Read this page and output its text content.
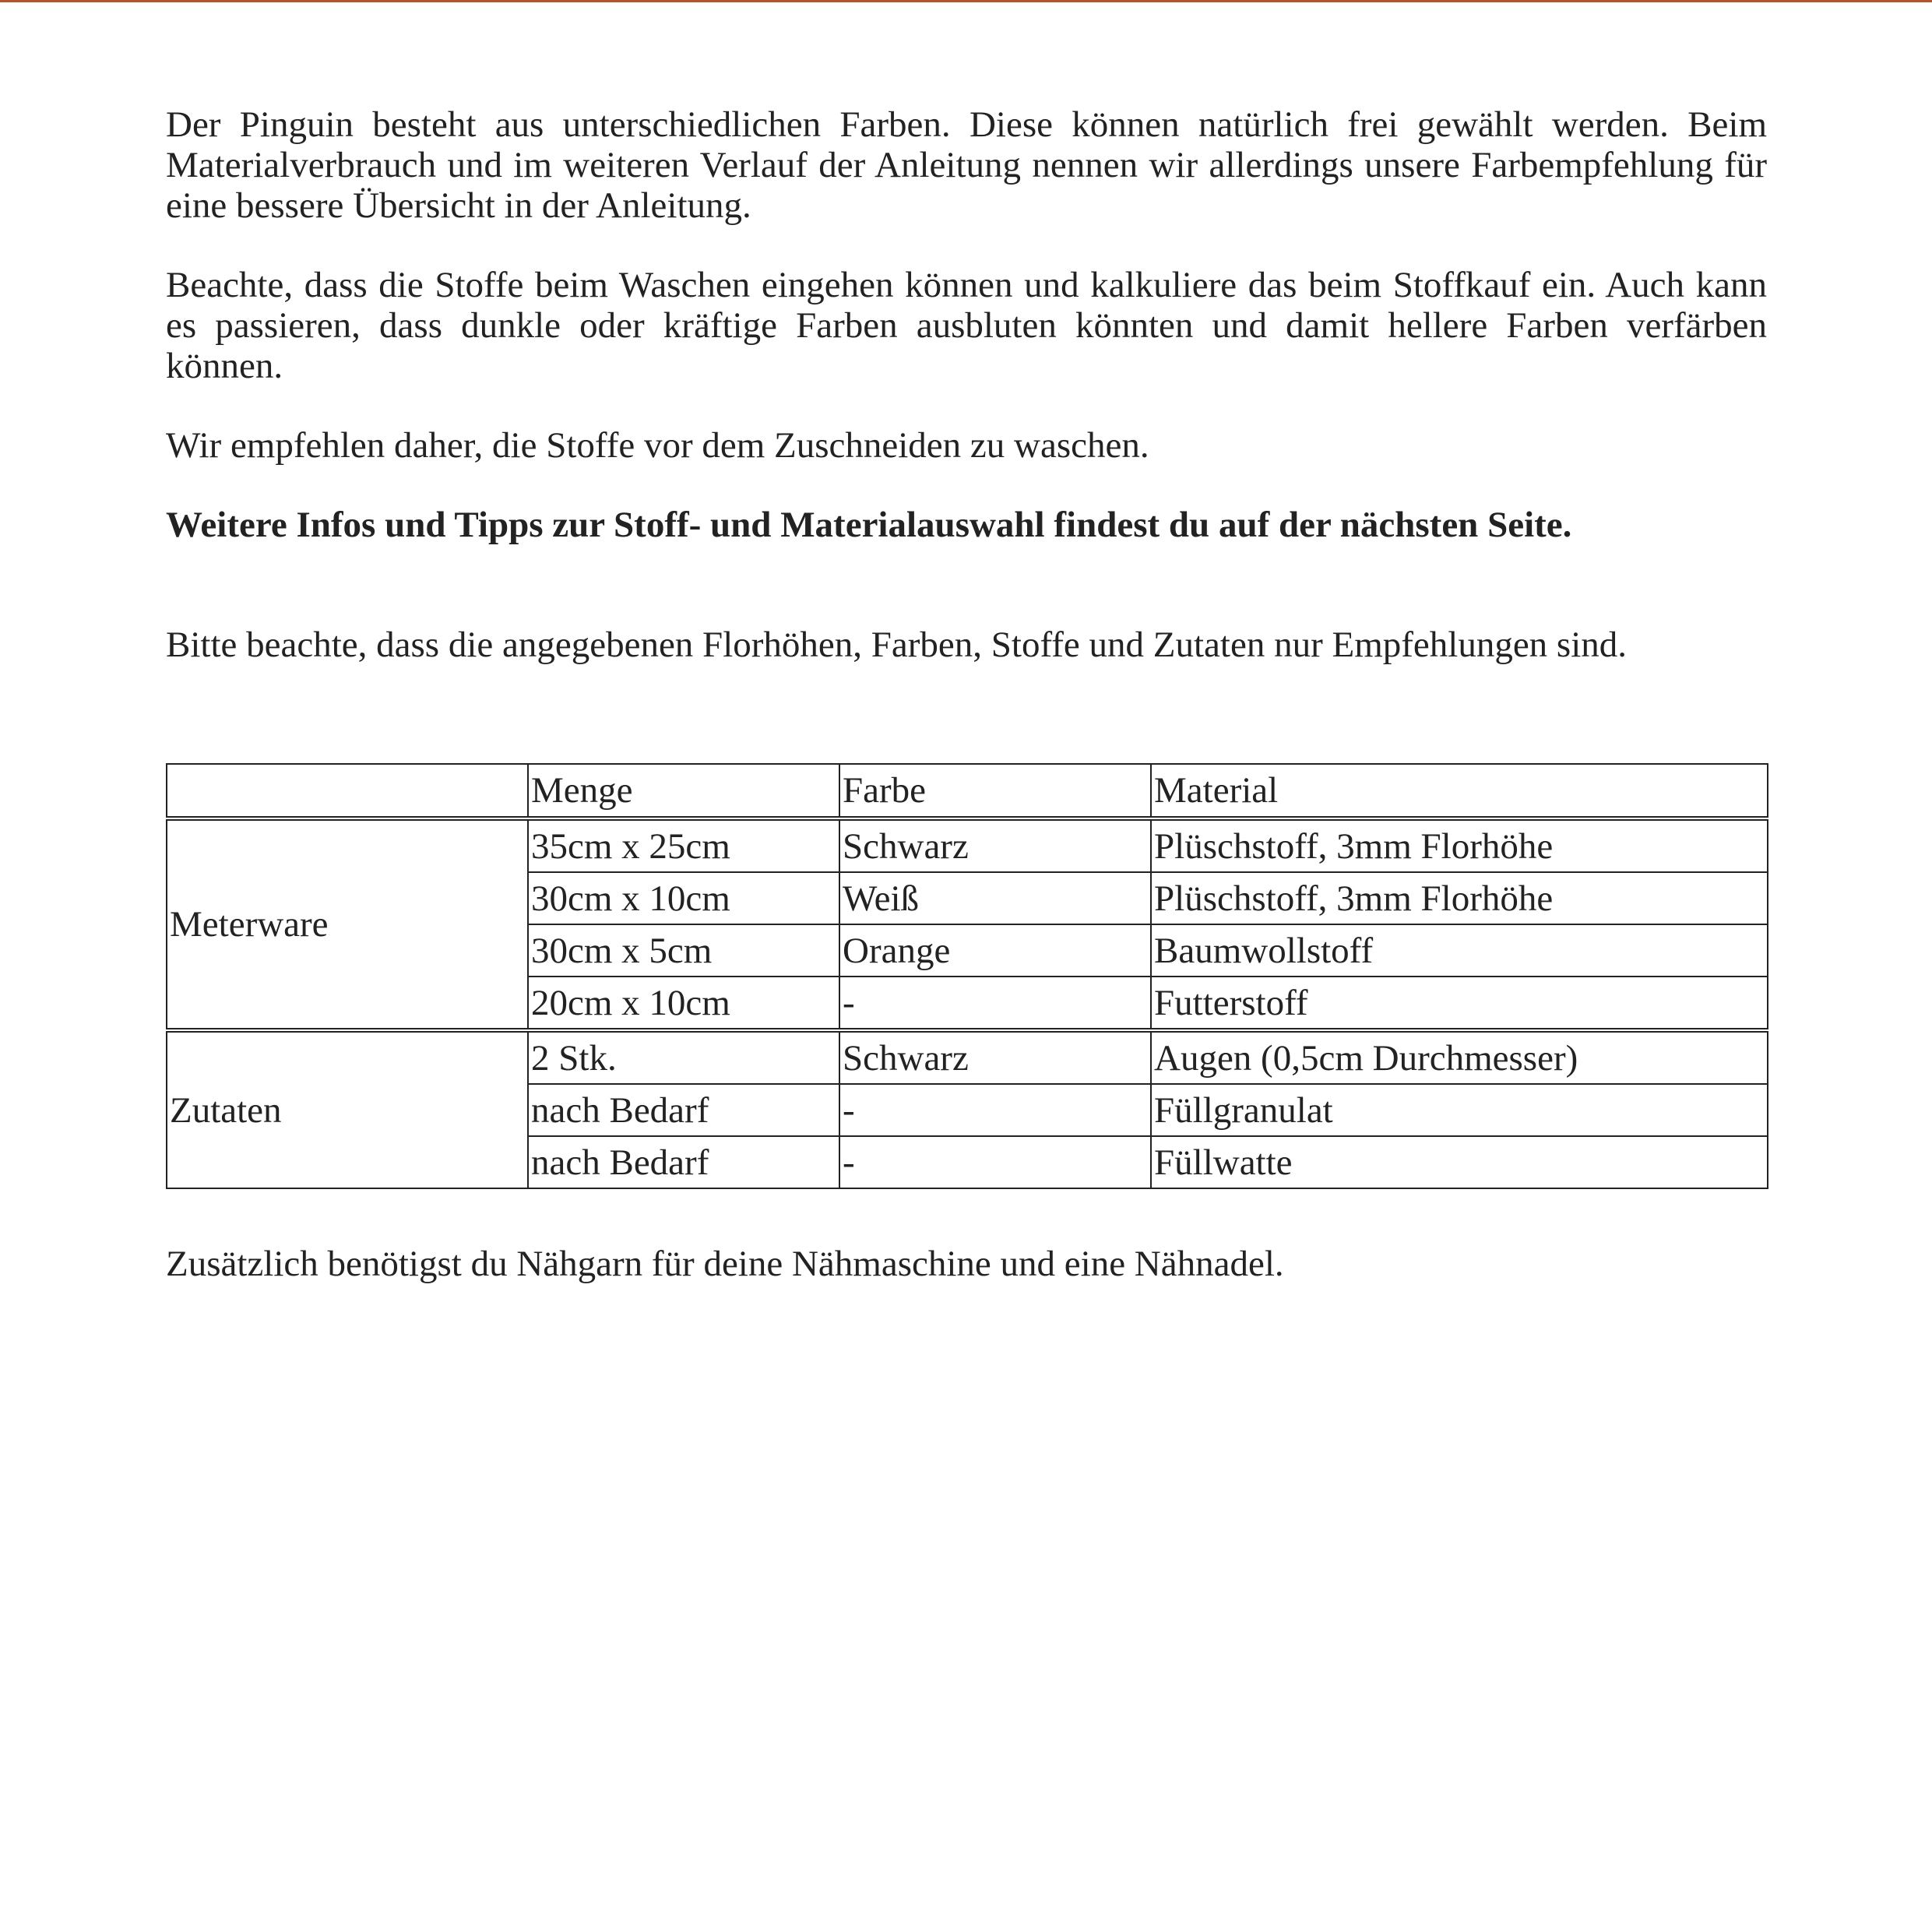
Der Pinguin besteht aus unterschiedlichen Farben. Diese können natürlich frei gewählt werden. Beim Materialverbrauch und im weiteren Verlauf der Anleitung nennen wir allerdings unsere Farbempfehlung für eine bessere Übersicht in der Anleitung.

Beachte, dass die Stoffe beim Waschen eingehen können und kalkuliere das beim Stoffkauf ein. Auch kann es passieren, dass dunkle oder kräftige Farben ausbluten könnten und damit hellere Farben verfärben können.

Wir empfehlen daher, die Stoffe vor dem Zuschneiden zu waschen.

Weitere Infos und Tipps zur Stoff- und Materialauswahl findest du auf der nächsten Seite.

Bitte beachte, dass die angegebenen Florhöhen, Farben, Stoffe und Zutaten nur Empfehlungen sind.

	Menge	Farbe	Material
Meterware	35cm x 25cm	Schwarz	Plüschstoff, 3mm Florhöhe
	30cm x 10cm	Weiß	Plüschstoff, 3mm Florhöhe
	30cm x 5cm	Orange	Baumwollstoff
	20cm x 10cm	-	Futterstoff
Zutaten	2 Stk.	Schwarz	Augen (0,5cm Durchmesser)
	nach Bedarf	-	Füllgranulat
	nach Bedarf	-	Füllwatte

Zusätzlich benötigst du Nähgarn für deine Nähmaschine und eine Nähnadel.
